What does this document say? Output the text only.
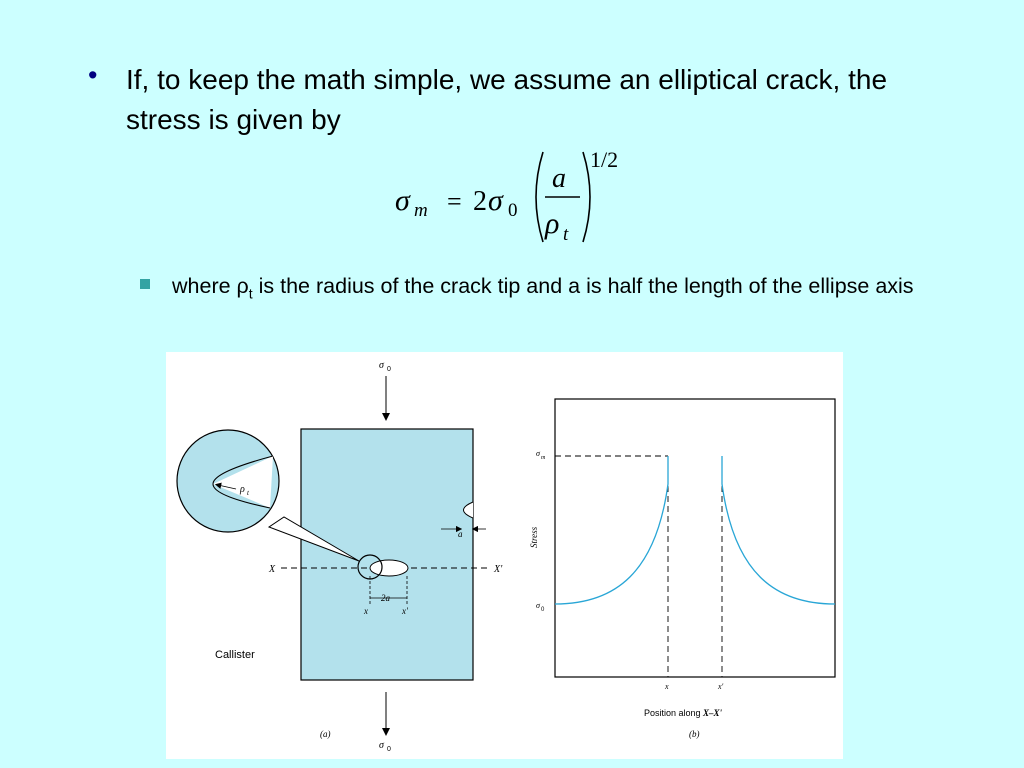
• If, to keep the math simple, we assume an elliptical crack, the stress is given by
σ m = 2 σ 0
a
ρ t
1/2
where $\rho_t$ is the radius of the crack tip and a is half the length of the ellipse axis
σ 0
σ 0
a
X	X'
2a
x	x'
ρ t
Callister
(a)
σ m
σ 0
Stress
x	x'
Position along X–X'
(b)
